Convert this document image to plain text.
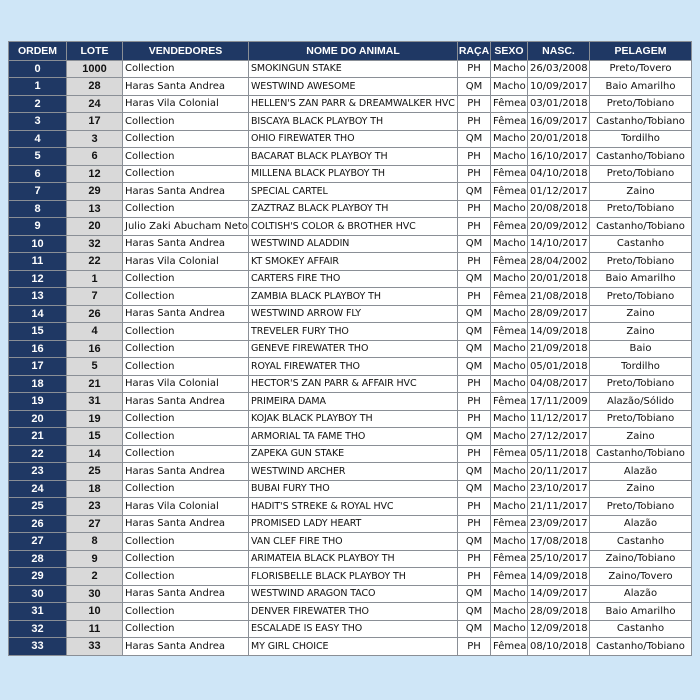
ORDEM	LOTE	VENDEDORES	NOME DO ANIMAL	RAÇA	SEXO	NASC.	PELAGEM
0	1000	Collection	SMOKINGUN STAKE	PH	Macho	26/03/2008	Preto/Tovero
1	28	Haras Santa Andrea	WESTWIND AWESOME	QM	Macho	10/09/2017	Baio Amarilho
2	24	Haras Vila Colonial	HELLEN'S ZAN PARR & DREAMWALKER HVC	PH	Fêmea	03/01/2018	Preto/Tobiano
3	17	Collection	BISCAYA BLACK PLAYBOY TH	PH	Fêmea	16/09/2017	Castanho/Tobiano
4	3	Collection	OHIO FIREWATER THO	QM	Macho	20/01/2018	Tordilho
5	6	Collection	BACARAT BLACK PLAYBOY TH	PH	Macho	16/10/2017	Castanho/Tobiano
6	12	Collection	MILLENA BLACK PLAYBOY TH	PH	Fêmea	04/10/2018	Preto/Tobiano
7	29	Haras Santa Andrea	SPECIAL CARTEL	QM	Fêmea	01/12/2017	Zaino
8	13	Collection	ZAZTRAZ BLACK PLAYBOY TH	PH	Macho	20/08/2018	Preto/Tobiano
9	20	Julio Zaki Abucham Neto	COLTISH'S COLOR & BROTHER HVC	PH	Fêmea	20/09/2012	Castanho/Tobiano
10	32	Haras Santa Andrea	WESTWIND ALADDIN	QM	Macho	14/10/2017	Castanho
11	22	Haras Vila Colonial	KT SMOKEY AFFAIR	PH	Fêmea	28/04/2002	Preto/Tobiano
12	1	Collection	CARTERS FIRE THO	QM	Macho	20/01/2018	Baio Amarilho
13	7	Collection	ZAMBIA BLACK PLAYBOY TH	PH	Fêmea	21/08/2018	Preto/Tobiano
14	26	Haras Santa Andrea	WESTWIND ARROW FLY	QM	Macho	28/09/2017	Zaino
15	4	Collection	TREVELER FURY THO	QM	Fêmea	14/09/2018	Zaino
16	16	Collection	GENEVE FIREWATER THO	QM	Macho	21/09/2018	Baio
17	5	Collection	ROYAL FIREWATER THO	QM	Macho	05/01/2018	Tordilho
18	21	Haras Vila Colonial	HECTOR'S ZAN PARR & AFFAIR HVC	PH	Macho	04/08/2017	Preto/Tobiano
19	31	Haras Santa Andrea	PRIMEIRA DAMA	PH	Fêmea	17/11/2009	Alazão/Sólido
20	19	Collection	KOJAK BLACK PLAYBOY TH	PH	Macho	11/12/2017	Preto/Tobiano
21	15	Collection	ARMORIAL TA FAME THO	QM	Macho	27/12/2017	Zaino
22	14	Collection	ZAPEKA GUN STAKE	PH	Fêmea	05/11/2018	Castanho/Tobiano
23	25	Haras Santa Andrea	WESTWIND ARCHER	QM	Macho	20/11/2017	Alazão
24	18	Collection	BUBAI FURY THO	QM	Macho	23/10/2017	Zaino
25	23	Haras Vila Colonial	HADIT'S STREKE & ROYAL HVC	PH	Macho	21/11/2017	Preto/Tobiano
26	27	Haras Santa Andrea	PROMISED LADY HEART	PH	Fêmea	23/09/2017	Alazão
27	8	Collection	VAN CLEF FIRE THO	QM	Macho	17/08/2018	Castanho
28	9	Collection	ARIMATEIA BLACK PLAYBOY TH	PH	Fêmea	25/10/2017	Zaino/Tobiano
29	2	Collection	FLORISBELLE BLACK PLAYBOY TH	PH	Fêmea	14/09/2018	Zaino/Tovero
30	30	Haras Santa Andrea	WESTWIND ARAGON TACO	QM	Macho	14/09/2017	Alazão
31	10	Collection	DENVER FIREWATER THO	QM	Macho	28/09/2018	Baio Amarilho
32	11	Collection	ESCALADE IS EASY THO	QM	Macho	12/09/2018	Castanho
33	33	Haras Santa Andrea	MY GIRL CHOICE	PH	Fêmea	08/10/2018	Castanho/Tobiano
